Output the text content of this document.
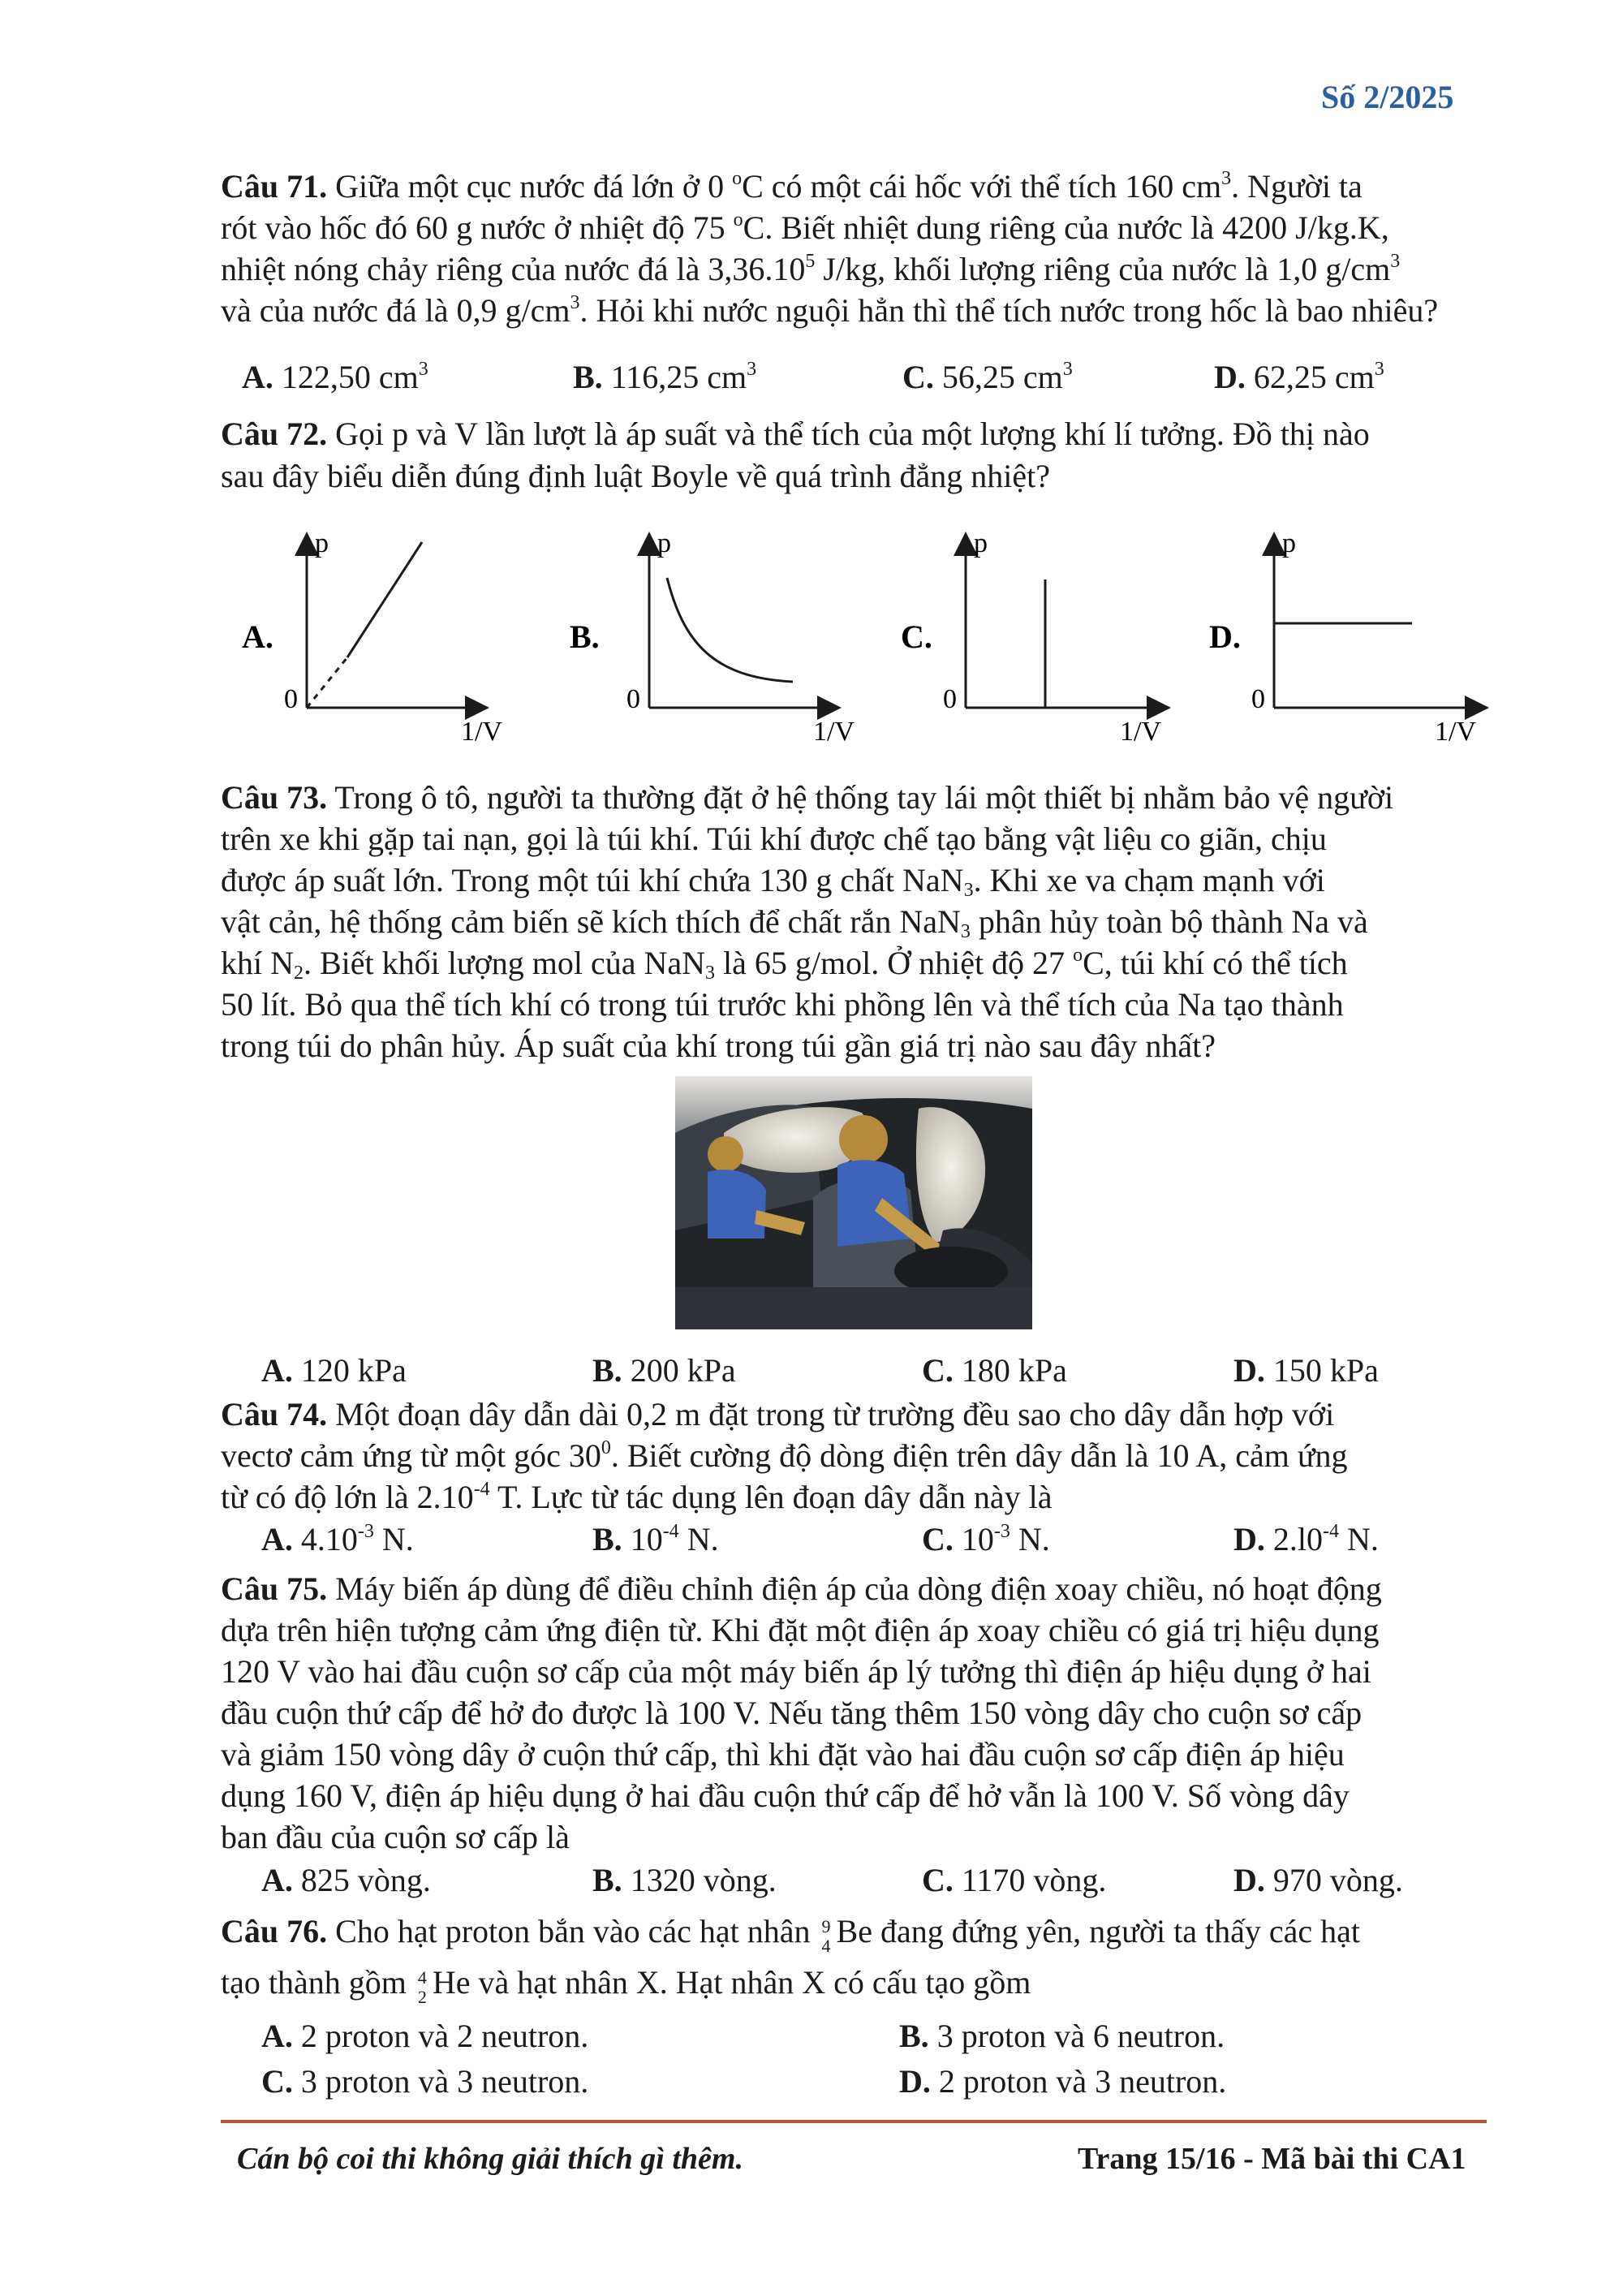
Số 2/2025
Câu 71. Giữa một cục nước đá lớn ở 0 $^o$C có một cái hốc với thể tích 160 $cm^3$. Người ta
rót vào hốc đó 60 g nước ở nhiệt độ 75 $^o$C. Biết nhiệt dung riêng của nước là 4200 J/kg.K,
nhiệt nóng chảy riêng của nước đá là 3,36.10$^5$ J/kg, khối lượng riêng của nước là 1,0 $g/cm^3$
và của nước đá là 0,9 $g/cm^3$. Hỏi khi nước nguội hẳn thì thể tích nước trong hốc là bao nhiêu?
A. 122,50 $cm^3$	B. 116,25 $cm^3$	C. 56,25 $cm^3$	D. 62,25 $cm^3$
Câu 72. Gọi p và V lần lượt là áp suất và thể tích của một lượng khí lí tưởng. Đồ thị nào
sau đây biểu diễn đúng định luật Boyle về quá trình đẳng nhiệt?
A.
p
0
1/V
B.
p
0
1/V
C.
p
0
1/V
D.
p
0
1/V
Câu 73. Trong ô tô, người ta thường đặt ở hệ thống tay lái một thiết bị nhằm bảo vệ người
trên xe khi gặp tai nạn, gọi là túi khí. Túi khí được chế tạo bằng vật liệu co giãn, chịu
được áp suất lớn. Trong một túi khí chứa 130 g chất NaN$_3$. Khi xe va chạm mạnh với
vật cản, hệ thống cảm biến sẽ kích thích để chất rắn NaN$_3$ phân hủy toàn bộ thành Na và
khí $N_2$. Biết khối lượng mol của NaN$_3$ là 65 g/mol. Ở nhiệt độ 27 $^o$C, túi khí có thể tích
50 lít. Bỏ qua thể tích khí có trong túi trước khi phồng lên và thể tích của Na tạo thành
trong túi do phân hủy. Áp suất của khí trong túi gần giá trị nào sau đây nhất?
A. 120 kPa	B. 200 kPa	C. 180 kPa	D. 150 kPa
Câu 74. Một đoạn dây dẫn dài 0,2 m đặt trong từ trường đều sao cho dây dẫn hợp với
vectơ cảm ứng từ một góc $30^0$. Biết cường độ dòng điện trên dây dẫn là 10 A, cảm ứng
từ có độ lớn là $2.10^{-4}$ T. Lực từ tác dụng lên đoạn dây dẫn này là
A. $4.10^{-3}$ N.	B. $10^{-4}$ N.	C. $10^{-3}$ N.	D. $2.l0^{-4}$ N.
Câu 75. Máy biến áp dùng để điều chỉnh điện áp của dòng điện xoay chiều, nó hoạt động
dựa trên hiện tượng cảm ứng điện từ. Khi đặt một điện áp xoay chiều có giá trị hiệu dụng
120 V vào hai đầu cuộn sơ cấp của một máy biến áp lý tưởng thì điện áp hiệu dụng ở hai
đầu cuộn thứ cấp để hở đo được là 100 V. Nếu tăng thêm 150 vòng dây cho cuộn sơ cấp
và giảm 150 vòng dây ở cuộn thứ cấp, thì khi đặt vào hai đầu cuộn sơ cấp điện áp hiệu
dụng 160 V, điện áp hiệu dụng ở hai đầu cuộn thứ cấp để hở vẫn là 100 V. Số vòng dây
ban đầu của cuộn sơ cấp là
A. 825 vòng.	B. 1320 vòng.	C. 1170 vòng.	D. 970 vòng.
Câu 76. Cho hạt proton bắn vào các hạt nhân 9
4 Be đang đứng yên, người ta thấy các hạt
tạo thành gồm 4
2 He và hạt nhân X. Hạt nhân X có cấu tạo gồm
A. 2 proton và 2 neutron.	B. 3 proton và 6 neutron.
C. 3 proton và 3 neutron.	D. 2 proton và 3 neutron.
Cán bộ coi thi không giải thích gì thêm.	Trang 15/16 - Mã bài thi CA1
